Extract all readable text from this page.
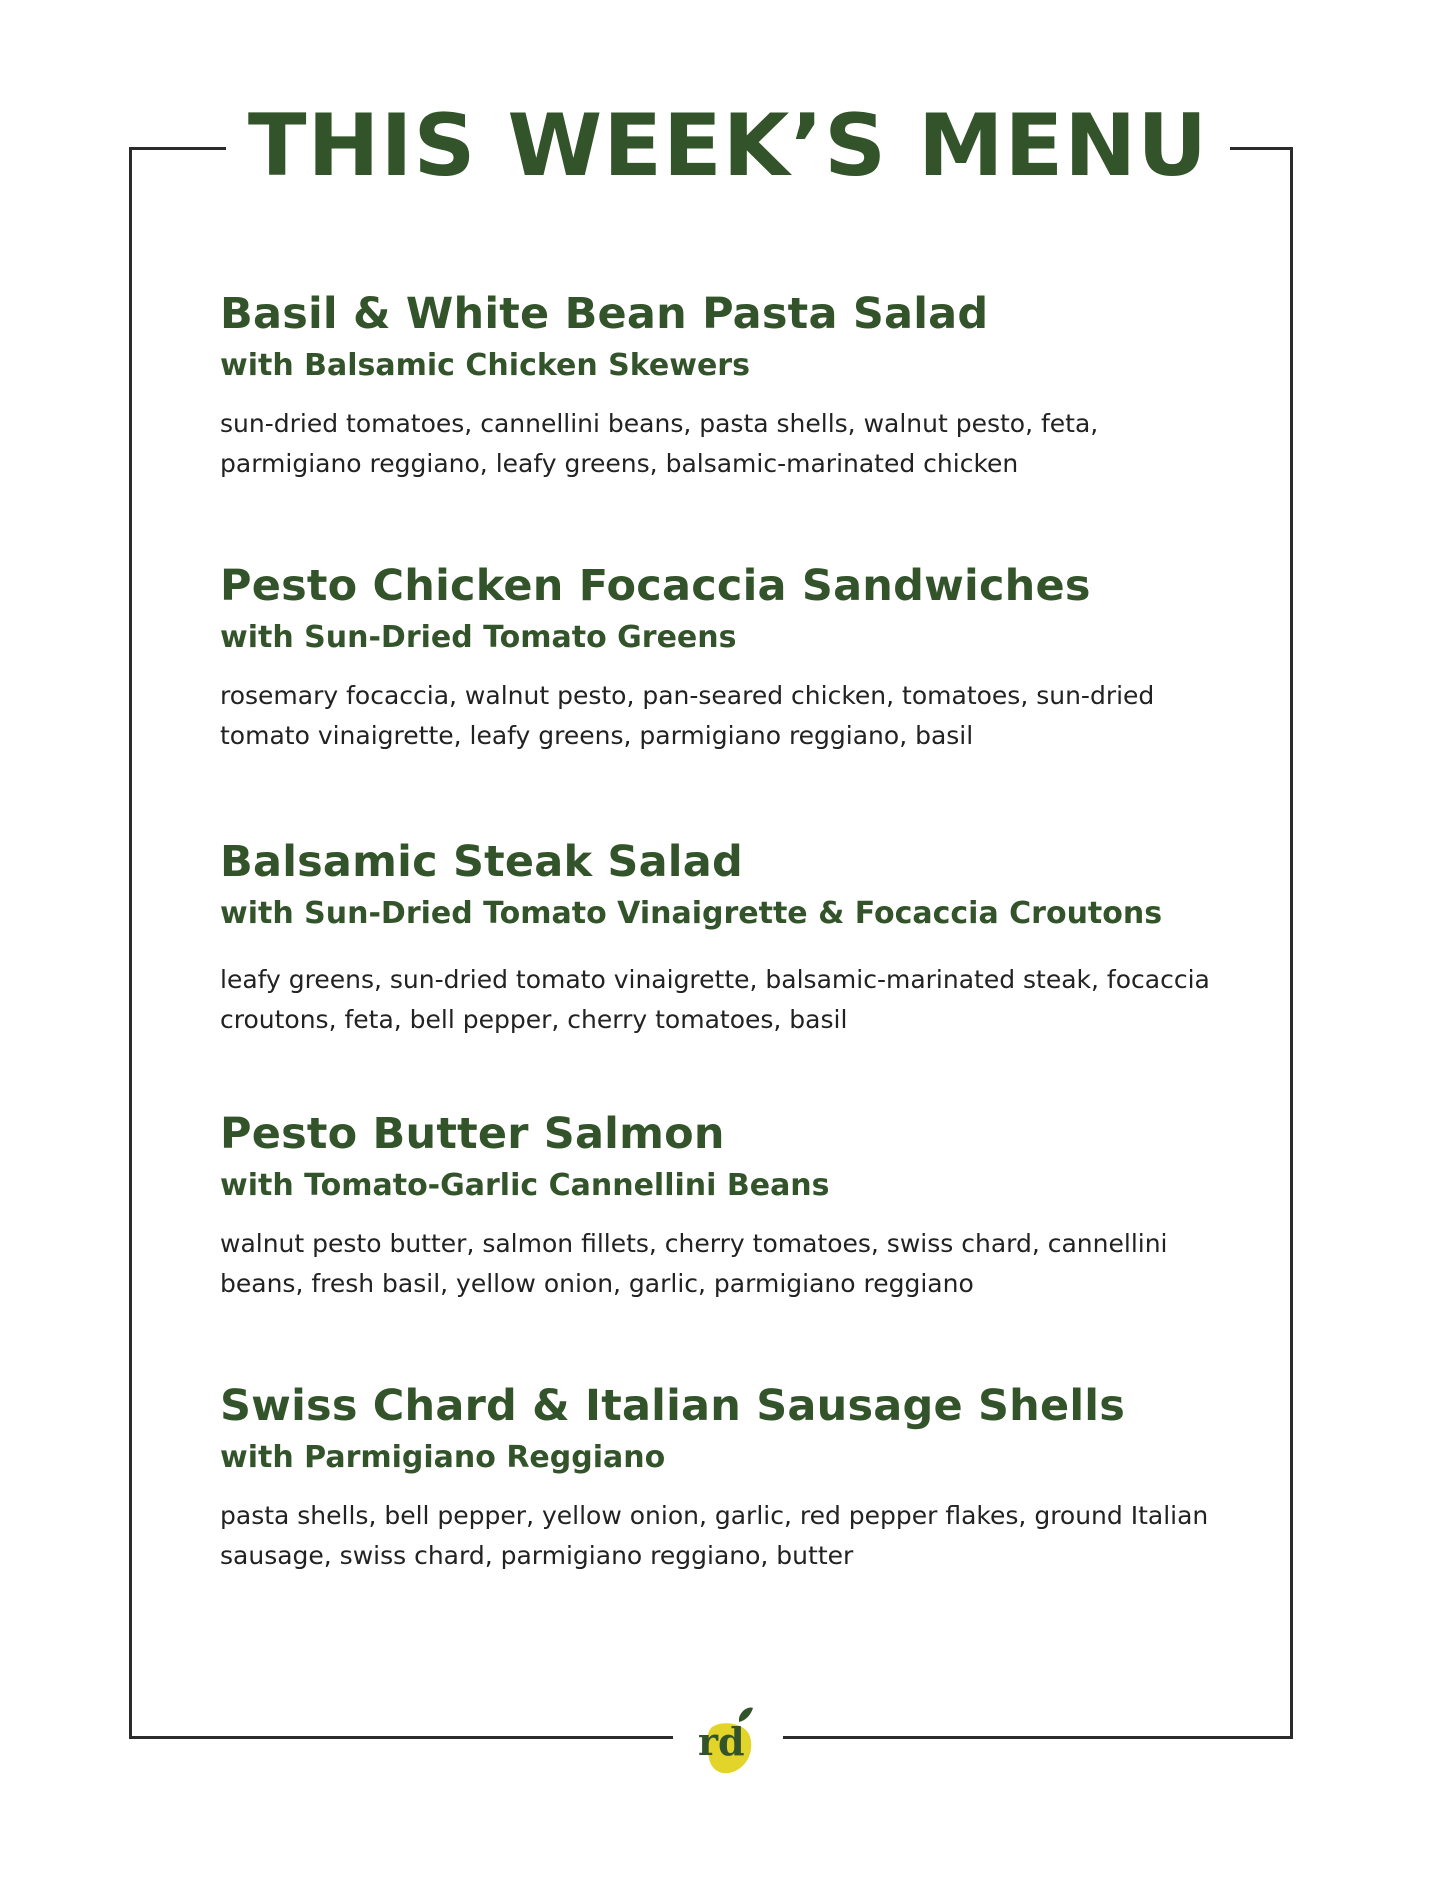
THIS WEEK’S MENU
Basil & White Bean Pasta Salad
with Balsamic Chicken Skewers
sun-dried tomatoes, cannellini beans, pasta shells, walnut pesto, feta, parmigiano reggiano, leafy greens, balsamic-marinated chicken
Pesto Chicken Focaccia Sandwiches
with Sun-Dried Tomato Greens
rosemary focaccia, walnut pesto, pan-seared chicken, tomatoes, sun-dried tomato vinaigrette, leafy greens, parmigiano reggiano, basil
Balsamic Steak Salad
with Sun-Dried Tomato Vinaigrette & Focaccia Croutons
leafy greens, sun-dried tomato vinaigrette, balsamic-marinated steak, focaccia croutons, feta, bell pepper, cherry tomatoes, basil
Pesto Butter Salmon
with Tomato-Garlic Cannellini Beans
walnut pesto butter, salmon fillets, cherry tomatoes, swiss chard, cannellini beans, fresh basil, yellow onion, garlic, parmigiano reggiano
Swiss Chard & Italian Sausage Shells
with Parmigiano Reggiano
pasta shells, bell pepper, yellow onion, garlic, red pepper flakes, ground Italian sausage, swiss chard, parmigiano reggiano, butter
rd
